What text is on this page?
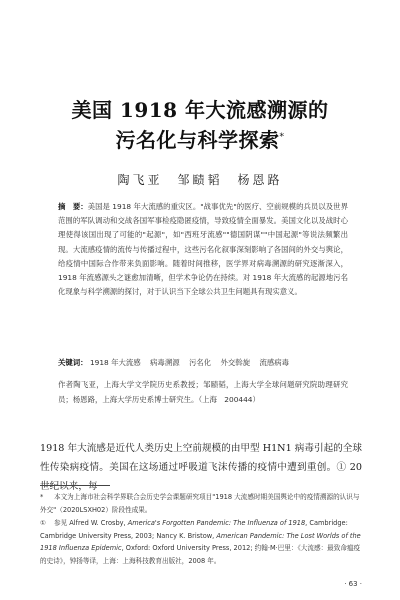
美国 1918 年大流感溯源的
污名化与科学探索*
陶飞亚　邹赜韬　杨恩路
摘　要：美国是 1918 年大流感的重灾区。"战事优先"的医疗、空前规模的兵员以及世界范围的军队调动和交战各国军事检疫隐匿疫情，导致疫情全面暴发。美国文化以及战时心理使得该国出现了可能的"起源"，如"西班牙流感""德国阴谋""中国起源"等说法频繁出现。大流感疫情的流传与传播过程中，这些污名化叙事深刻影响了各国间的外交与舆论，给疫情中国际合作带来负面影响。随着时间推移，医学界对病毒溯源的研究逐渐深入，1918 年流感源头之谜愈加清晰，但学术争论仍在持续。对 1918 年大流感的起源地污名化现象与科学溯源的探讨，对于认识当下全球公共卫生问题具有现实意义。
关键词： 1918 年大流感 病毒溯源 污名化 外交斡旋 流感病毒
作者陶飞亚，上海大学文学院历史系教授；邹赜韬，上海大学全球问题研究院助理研究员；杨恩路，上海大学历史系博士研究生。（上海　200444）
1918 年大流感是近代人类历史上空前规模的由甲型 H1N1 病毒引起的全球性传染病疫情。美国在这场通过呼吸道飞沫传播的疫情中遭到重创。① 20 世纪以来，每
* 本文为上海市社会科学界联合会历史学会课题研究项目"1918 大流感时期美国舆论中的疫情溯源的认识与外交"（2020LSXH02）阶段性成果。
① 参见 Alfred W. Crosby, America's Forgotten Pandemic: The Influenza of 1918, Cambridge: Cambridge University Press, 2003; Nancy K. Bristow, American Pandemic: The Lost Worlds of the 1918 Influenza Epidemic, Oxford: Oxford University Press, 2012; 约翰·M·巴里：《大流感：最致命瘟疫的史诗》，钟扬等译，上海：上海科技教育出版社，2008 年。
· 63 ·
